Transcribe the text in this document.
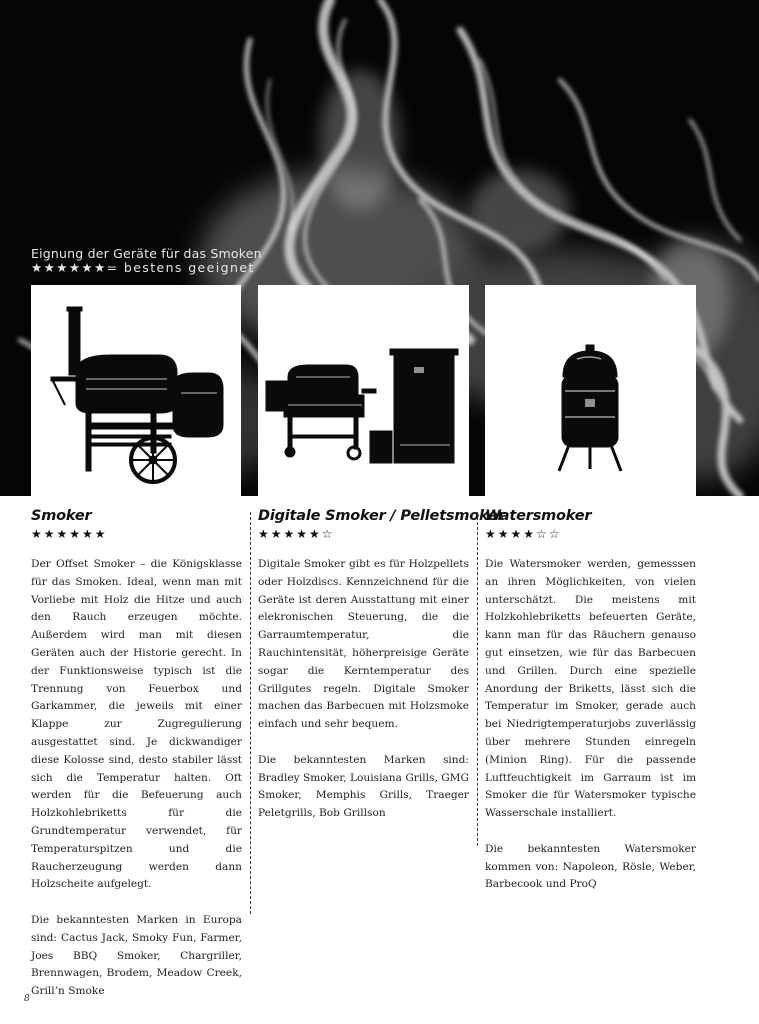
Eignung der Geräte für das Smoken
★★★★★★= bestens geeignet
Smoker
★★★★★★

Der Offset Smoker – die Königsklasse für das Smoken. Ideal, wenn man mit Vorliebe mit Holz die Hitze und auch den Rauch erzeugen möchte. Außerdem wird man mit diesen Geräten auch der Historie gerecht. In der Funktionsweise typisch ist die Trennung von Feuerbox und Garkammer, die jeweils mit einer Klappe zur Zugregulierung ausgestattet sind. Je dickwandiger diese Kolosse sind, desto stabiler lässt sich die Temperatur halten. Oft werden für die Befeuerung auch Holzkohlebriketts für die Grundtemperatur verwendet, für Temperaturspitzen und die Raucherzeugung werden dann Holzscheite aufgelegt.

Die bekanntesten Marken in Europa sind: Cactus Jack, Smoky Fun, Farmer, Joes BBQ Smoker, Chargriller, Brennwagen, Brodem, Meadow Creek, Grill’n Smoke

Digitale Smoker / Pelletsmoker
★★★★★☆

Digitale Smoker gibt es für Holzpellets oder Holzdiscs. Kennzeichnend für die Geräte ist deren Ausstattung mit einer elekronischen Steuerung, die die Garraumtemperatur, die Rauchintensität, höherpreisige Geräte sogar die Kerntemperatur des Grillgutes regeln. Digitale Smoker machen das Barbecuen mit Holzsmoke einfach und sehr bequem.

Die bekanntesten Marken sind: Bradley Smoker, Louisiana Grills, GMG Smoker, Memphis Grills, Traeger Peletgrills, Bob Grillson

Watersmoker
★★★★☆☆

Die Watersmoker werden, gemesssen an ihren Möglichkeiten, von vielen unterschätzt. Die meistens mit Holzkohlebriketts befeuerten Geräte, kann man für das Räuchern genauso gut einsetzen, wie für das Barbecuen und Grillen. Durch eine spezielle Anordung der Briketts, lässt sich die Temperatur im Smoker, gerade auch bei Niedrigtemperaturjobs zuverlässig über mehrere Stunden einregeln (Minion Ring). Für die passende Luftfeuchtigkeit im Garraum ist im Smoker die für Watersmoker typische Wasserschale installiert.

Die bekanntesten Watersmoker kommen von: Napoleon, Rösle, Weber, Barbecook und ProQ

8
